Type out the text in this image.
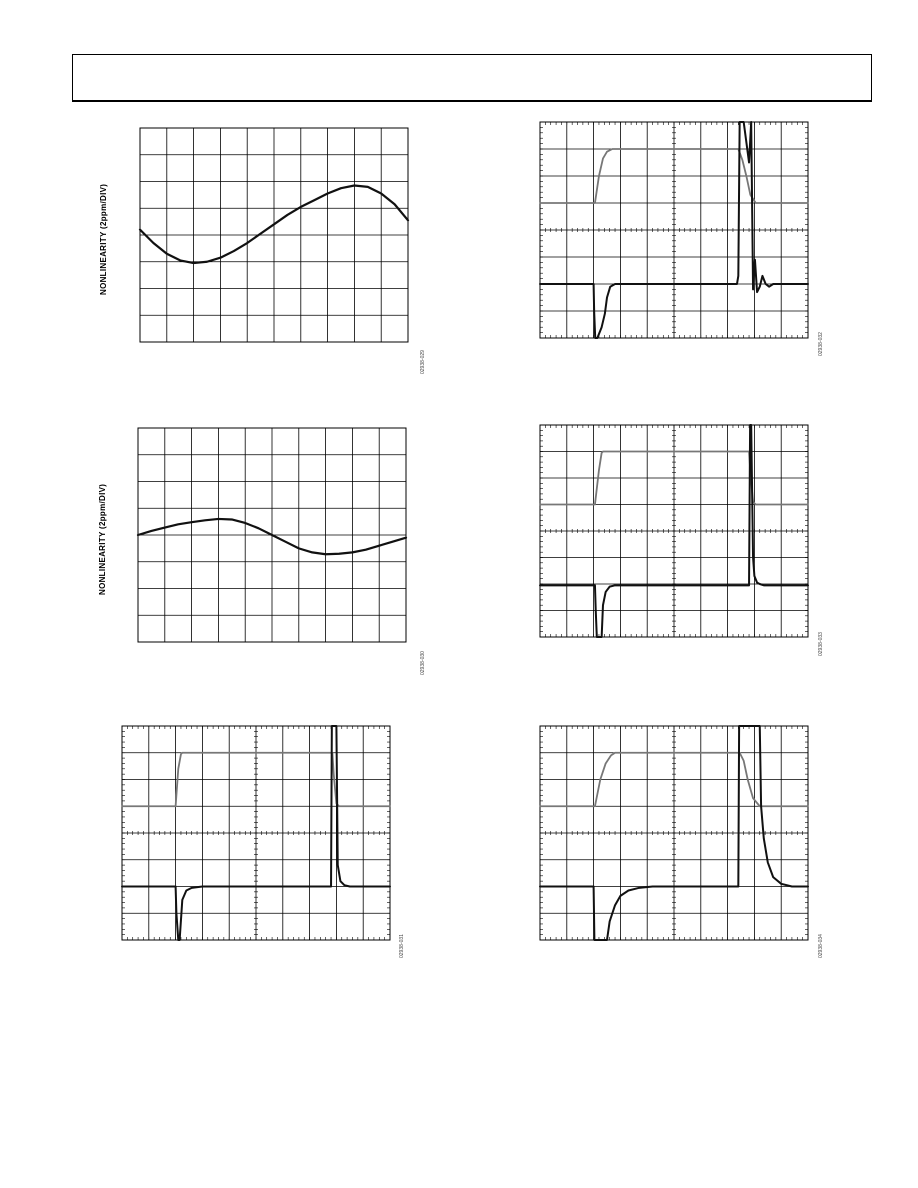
NONLINEARITY (2ppm/DIV)
02938-029
02938-032
NONLINEARITY (2ppm/DIV)
02938-030
02938-033
02938-031	02938-034
